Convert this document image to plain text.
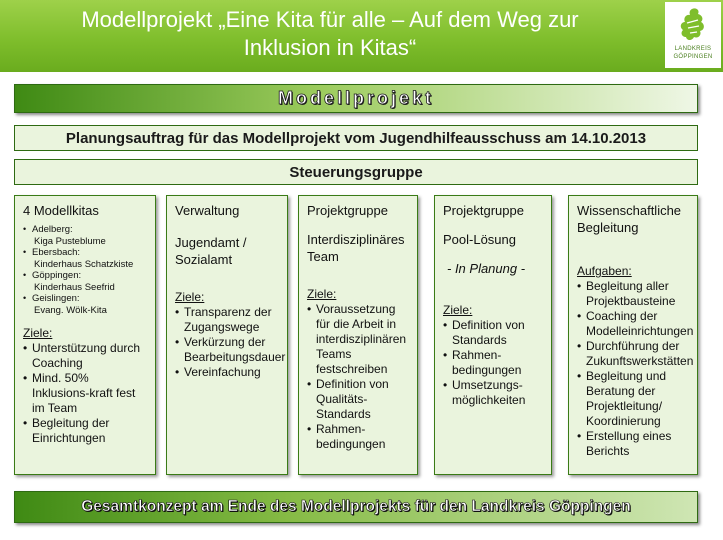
Modellprojekt „Eine Kita für alle – Auf dem Weg zur
Inklusion in Kitas“	LANDKREIS
GÖPPINGEN
Modellprojekt
Planungsauftrag für das Modellprojekt vom Jugendhilfeausschuss am 14.10.2013
Steuerungsgruppe
4 Modellkitas
• Adelberg:
Kiga Pusteblume
• Ebersbach:
Kinderhaus Schatzkiste
• Göppingen:
Kinderhaus Seefrid
• Geislingen:
Evang. Wölk-Kita
Ziele:
• Unterstützung durch Coaching
• Mind. 50% Inklusions-kraft fest im Team
• Begleitung der Einrichtungen
Verwaltung
Jugendamt / Sozialamt
Ziele:
• Transparenz der Zugangswege
• Verkürzung der Bearbeitungsdauer
• Vereinfachung
Projektgruppe
Interdisziplinäres Team
Ziele:
• Voraussetzung für die Arbeit in interdisziplinären Teams festschreiben
• Definition von Qualitäts-Standards
• Rahmen-bedingungen
Projektgruppe
Pool-Lösung
- In Planung -
Ziele:
• Definition von Standards
• Rahmen-bedingungen
• Umsetzungs-möglichkeiten
Wissenschaftliche Begleitung
Aufgaben:
• Begleitung aller Projektbausteine
• Coaching der Modelleinrichtungen
• Durchführung der Zukunftswerkstätten
• Begleitung und Beratung der Projektleitung/ Koordinierung
• Erstellung eines Berichts
Gesamtkonzept am Ende des Modellprojekts für den Landkreis Göppingen
